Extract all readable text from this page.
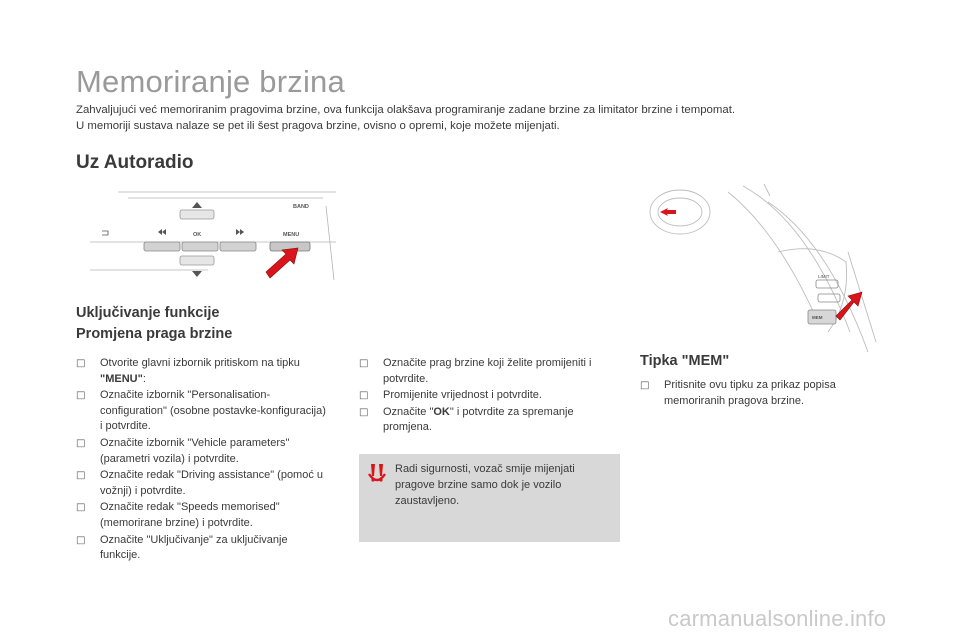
Memoriranje brzina
Zahvaljujući već memoriranim pragovima brzine, ova funkcija olakšava programiranje zadane brzine za limitator brzine i tempomat.
U memoriji sustava nalaze se pet ili šest pragova brzine, ovisno o opremi, koje možete mijenjati.
Uz Autoradio
BAND
OK	MENU
LIMIT
MEM
Uključivanje funkcije
Promjena praga brzine
□ Otvorite glavni izbornik pritiskom na tipku "MENU":
□ Označite izbornik "Personalisation-configuration" (osobne postavke-konfiguracija) i potvrdite.
□ Označite izbornik "Vehicle parameters" (parametri vozila) i potvrdite.
□ Označite redak "Driving assistance" (pomoć u vožnji) i potvrdite.
□ Označite redak "Speeds memorised" (memorirane brzine) i potvrdite.
□ Označite "Uključivanje" za uključivanje funkcije.
□ Označite prag brzine koji želite promijeniti i potvrdite.
□ Promijenite vrijednost i potvrdite.
□ Označite "OK" i potvrdite za spremanje promjena.
Radi sigurnosti, vozač smije mijenjati pragove brzine samo dok je vozilo zaustavljeno.
Tipka "MEM"
□ Pritisnite ovu tipku za prikaz popisa memoriranih pragova brzine.
carmanualsonline.info
